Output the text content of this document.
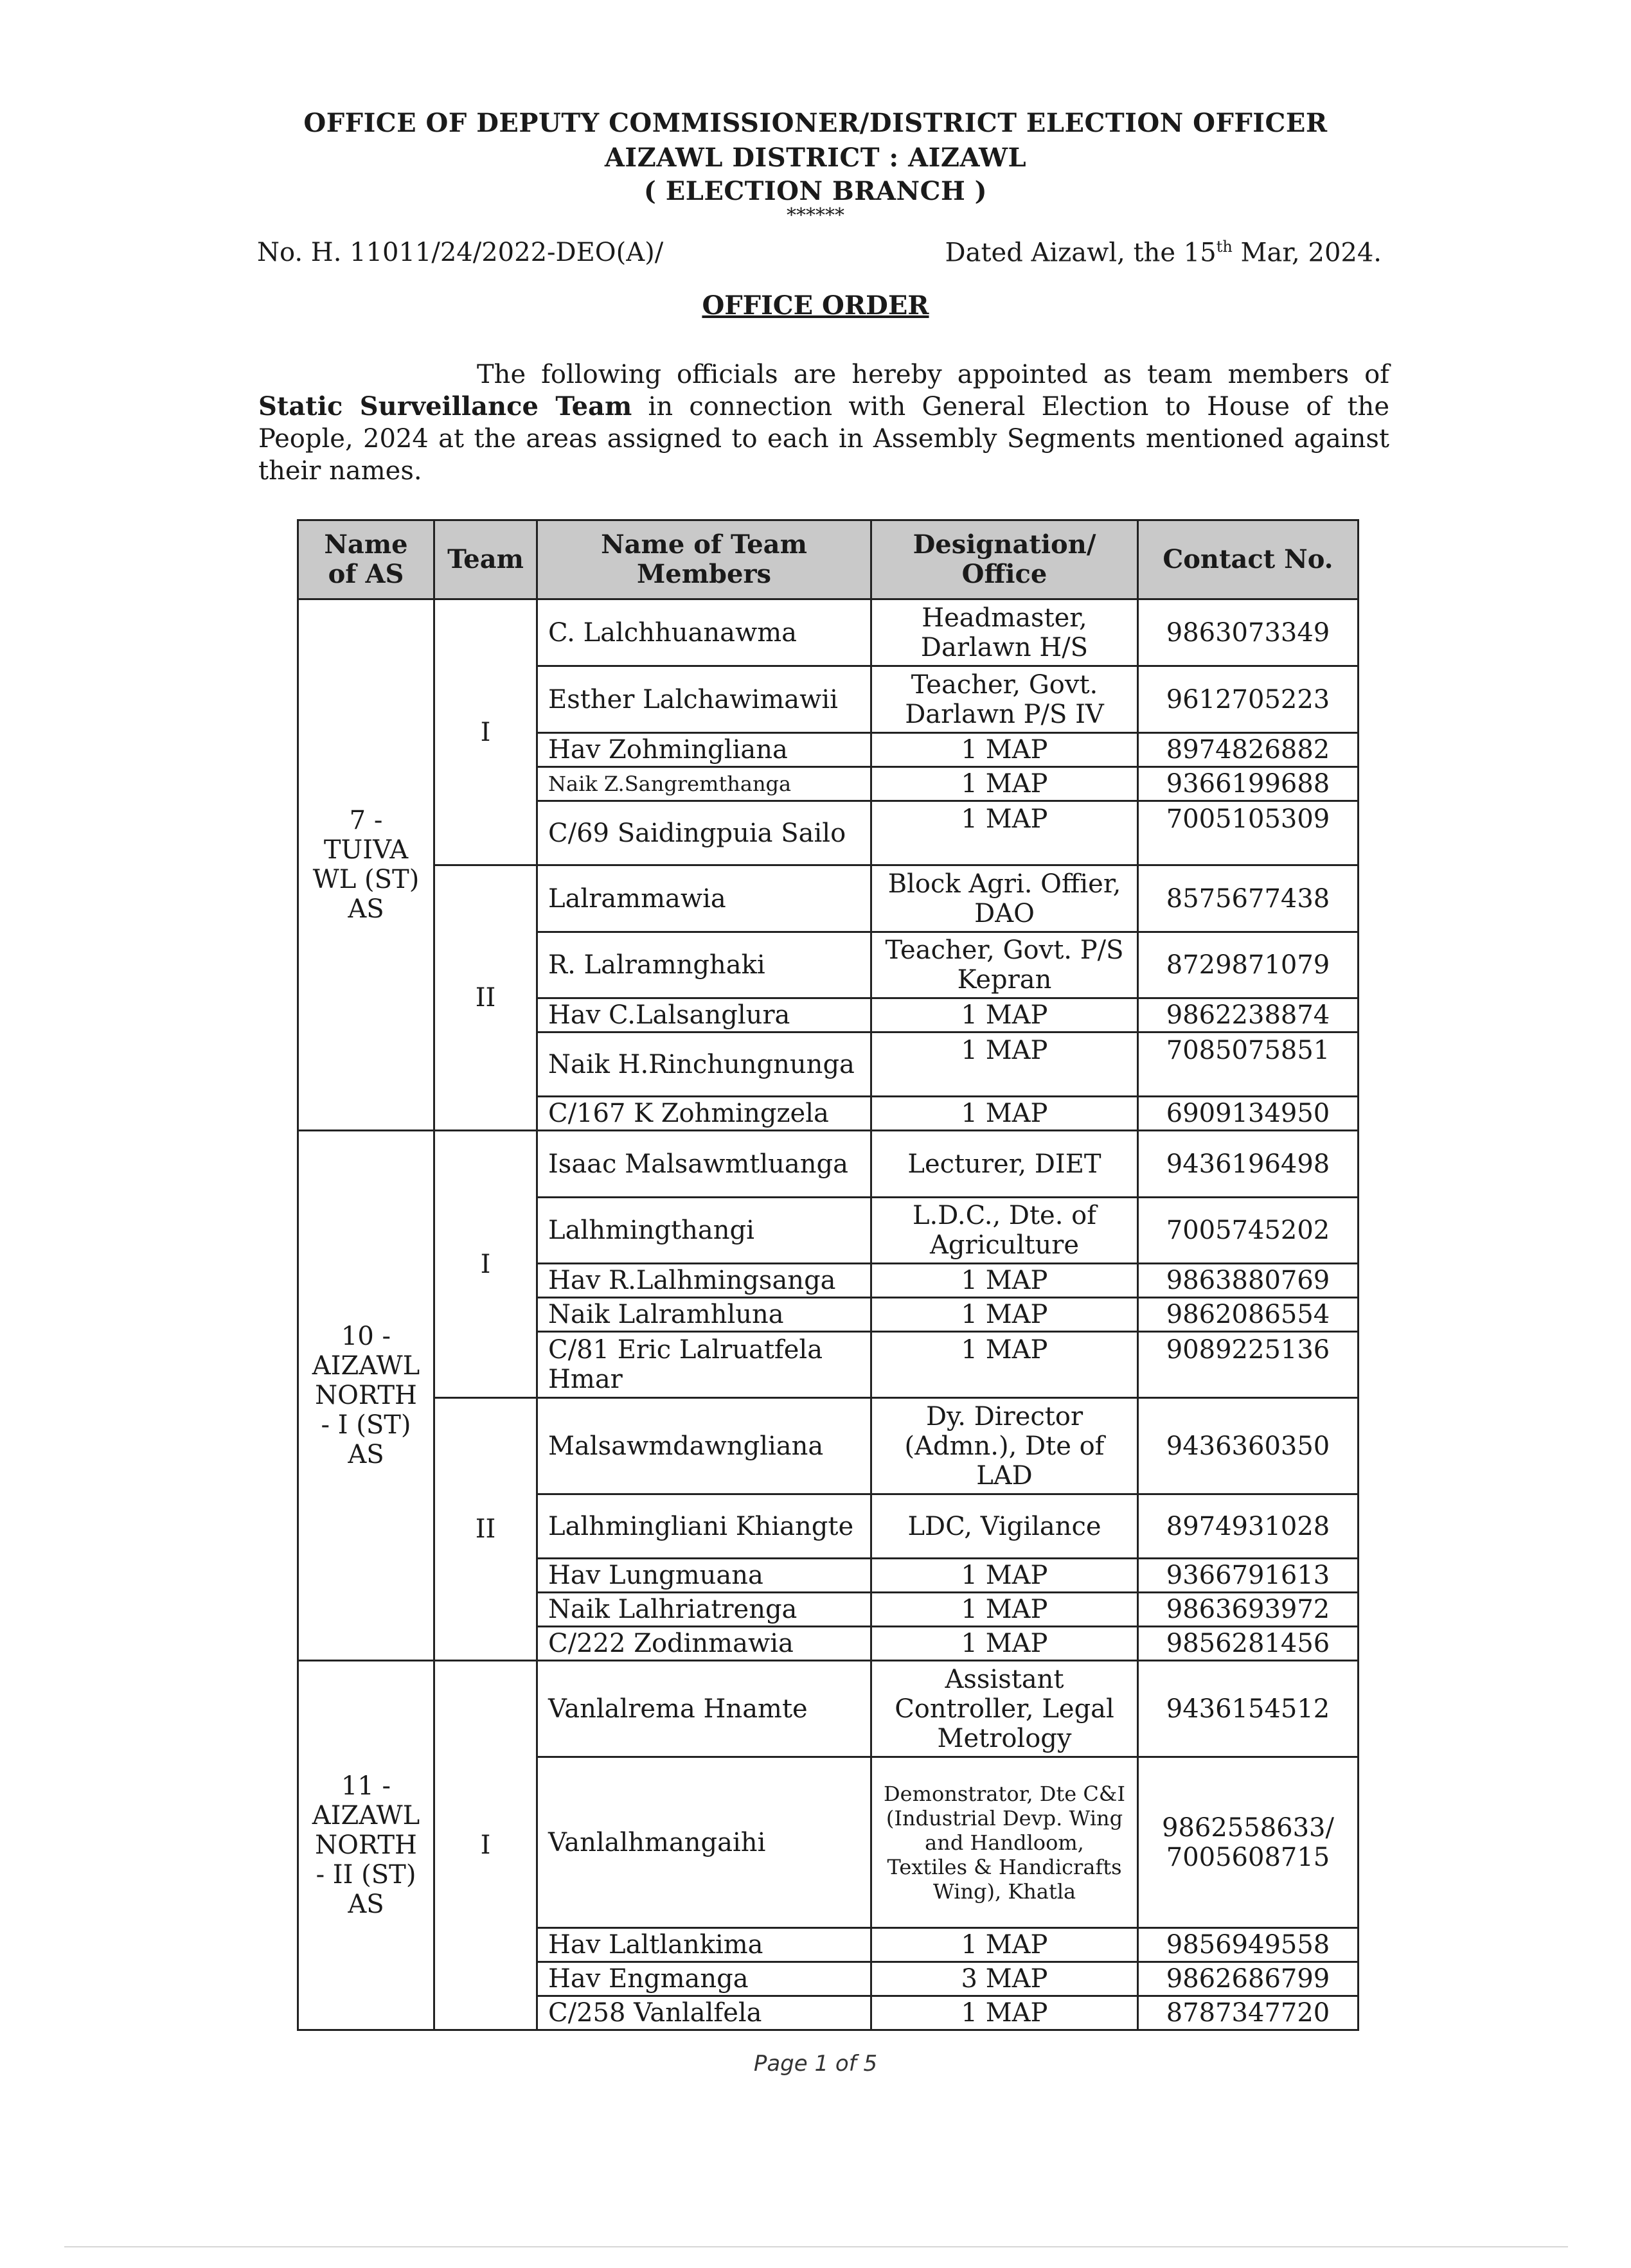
OFFICE OF DEPUTY COMMISSIONER/DISTRICT ELECTION OFFICER
AIZAWL DISTRICT : AIZAWL
( ELECTION BRANCH )
******
No. H. 11011/24/2022-DEO(A)/	Dated Aizawl, the 15th Mar, 2024.
OFFICE ORDER
The following officials are hereby appointed as team members of Static Surveillance Team in connection with General Election to House of the People, 2024 at the areas assigned to each in Assembly Segments mentioned against their names.
Name of AS	Team	Name of Team Members	Designation/ Office	Contact No.
7 - TUIVA WL (ST) AS	I	C. Lalchhuanawma	Headmaster, Darlawn H/S	9863073349
		Esther Lalchawimawii	Teacher, Govt. Darlawn P/S IV	9612705223
		Hav Zohmingliana	1 MAP	8974826882
		Naik Z.Sangremthanga	1 MAP	9366199688
		C/69 Saidingpuia Sailo	1 MAP	7005105309
	II	Lalrammawia	Block Agri. Offier, DAO	8575677438
		R. Lalramnghaki	Teacher, Govt. P/S Kepran	8729871079
		Hav C.Lalsanglura	1 MAP	9862238874
		Naik H.Rinchungnunga	1 MAP	7085075851
		C/167 K Zohmingzela	1 MAP	6909134950
10 - AIZAWL NORTH - I (ST) AS	I	Isaac Malsawmtluanga	Lecturer, DIET	9436196498
		Lalhmingthangi	L.D.C., Dte. of Agriculture	7005745202
		Hav R.Lalhmingsanga	1 MAP	9863880769
		Naik Lalramhluna	1 MAP	9862086554
		C/81 Eric Lalruatfela Hmar	1 MAP	9089225136
	II	Malsawmdawngliana	Dy. Director (Admn.), Dte of LAD	9436360350
		Lalhmingliani Khiangte	LDC, Vigilance	8974931028
		Hav Lungmuana	1 MAP	9366791613
		Naik Lalhriatrenga	1 MAP	9863693972
		C/222 Zodinmawia	1 MAP	9856281456
11 - AIZAWL NORTH - II (ST) AS	I	Vanlalrema Hnamte	Assistant Controller, Legal Metrology	9436154512
		Vanlalhmangaihi	Demonstrator, Dte C&I (Industrial Devp. Wing and Handloom, Textiles & Handicrafts Wing), Khatla	9862558633/ 7005608715
		Hav Laltlankima	1 MAP	9856949558
		Hav Engmanga	3 MAP	9862686799
		C/258 Vanlalfela	1 MAP	8787347720
Page 1 of 5
